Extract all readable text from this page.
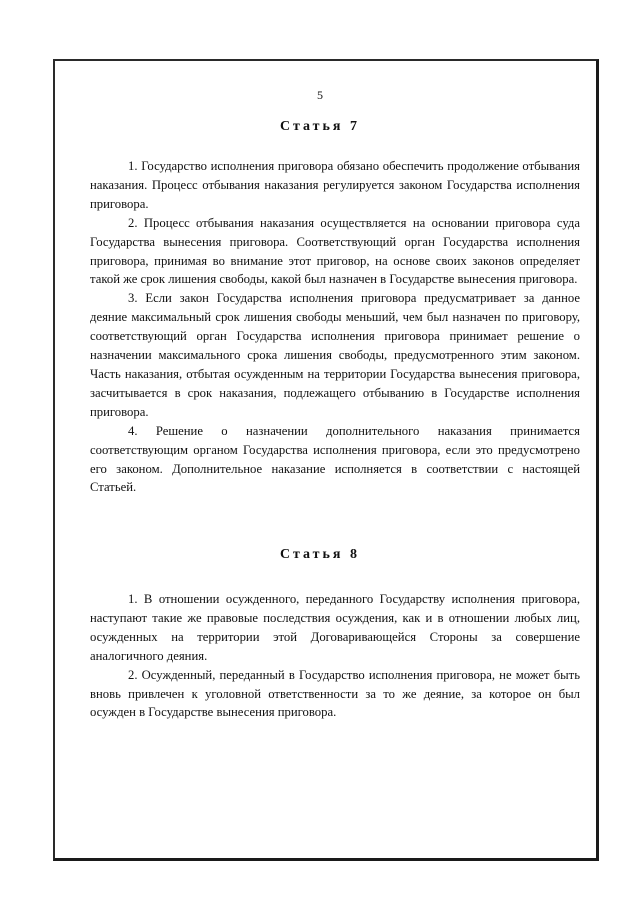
5
Статья 7

1. Государство исполнения приговора обязано обеспечить продолжение отбывания наказания. Процесс отбывания наказания регулируется законом Государства исполнения приговора.

2. Процесс отбывания наказания осуществляется на основании приговора суда Государства вынесения приговора. Соответствующий орган Государства исполнения приговора, принимая во внимание этот приговор, на основе своих законов определяет такой же срок лишения свободы, какой был назначен в Государстве вынесения приговора.

3. Если закон Государства исполнения приговора предусматривает за данное деяние максимальный срок лишения свободы меньший, чем был назначен по приговору, соответствующий орган Государства исполнения приговора принимает решение о назначении максимального срока лишения свободы, предусмотренного этим законом. Часть наказания, отбытая осужденным на территории Государства вынесения приговора, засчитывается в срок наказания, подлежащего отбыванию в Государстве исполнения приговора.

4. Решение о назначении дополнительного наказания принимается соответствующим органом Государства исполнения приговора, если это предусмотрено его законом. Дополнительное наказание исполняется в соответствии с настоящей Статьей.

Статья 8

1. В отношении осужденного, переданного Государству исполнения приговора, наступают такие же правовые последствия осуждения, как и в отношении любых лиц, осужденных на территории этой Договаривающейся Стороны за совершение аналогичного деяния.

2. Осужденный, переданный в Государство исполнения приговора, не может быть вновь привлечен к уголовной ответственности за то же деяние, за которое он был осужден в Государстве вынесения приговора.
